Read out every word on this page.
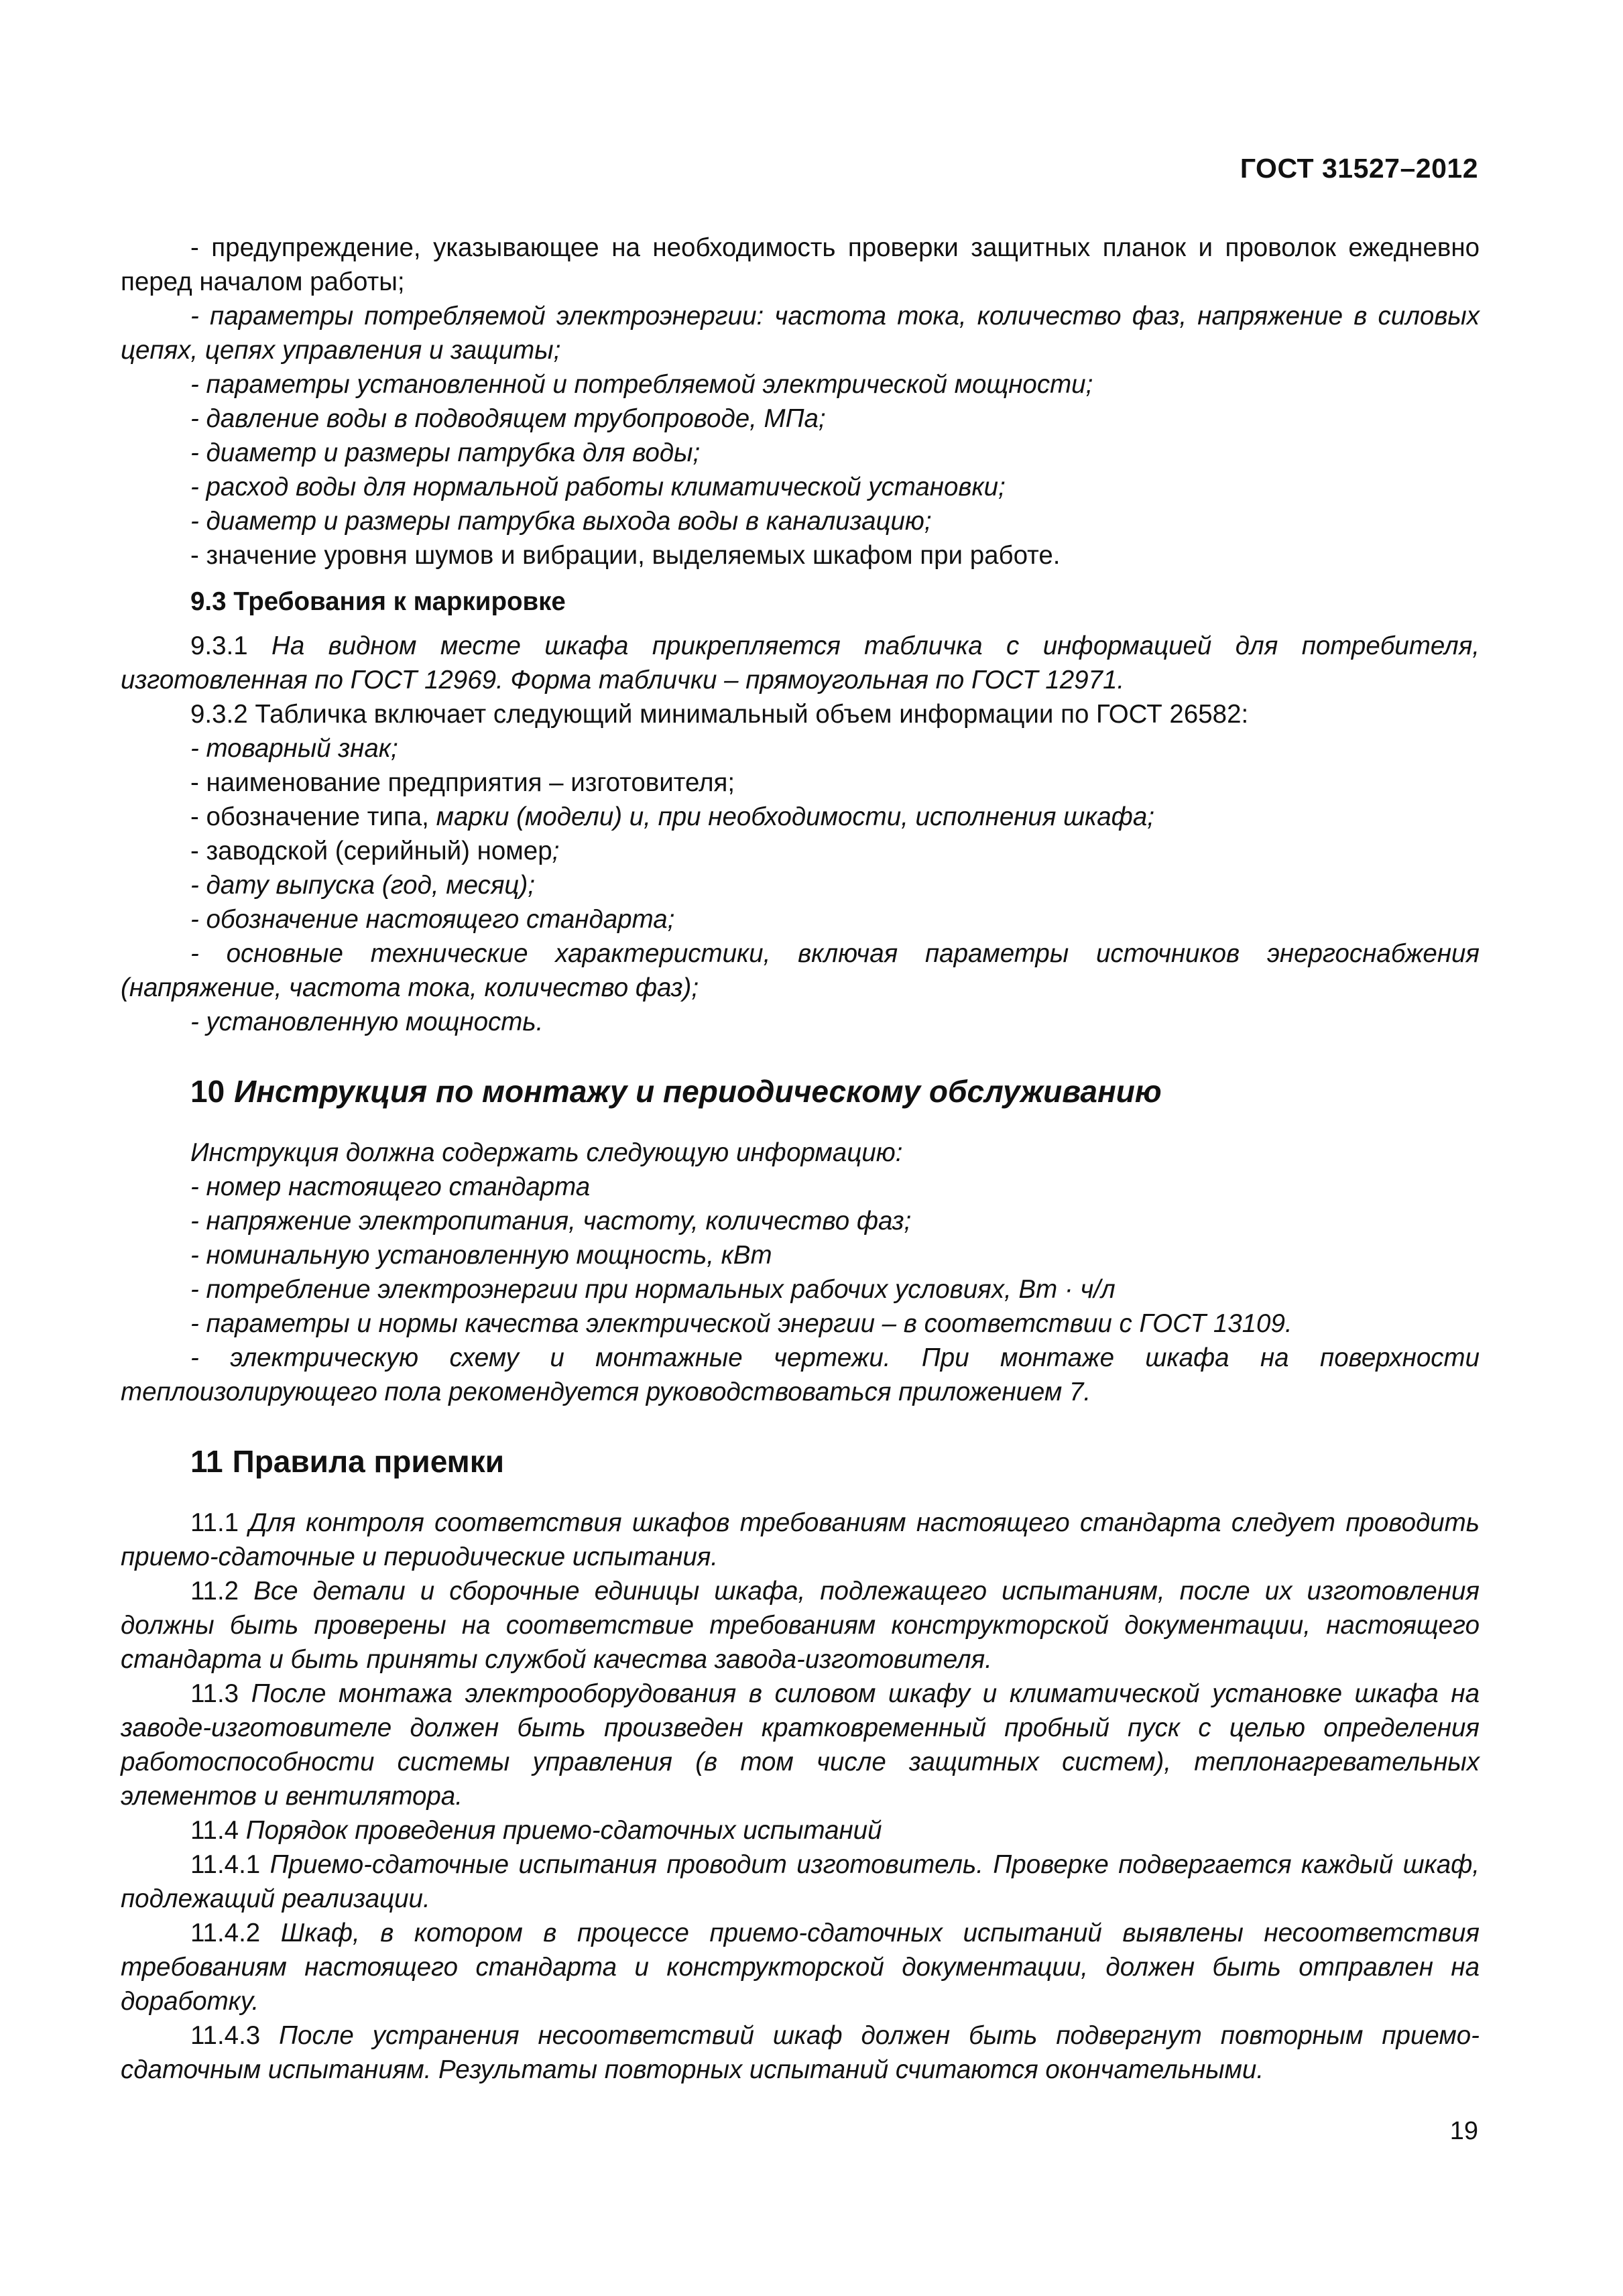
ГОСТ 31527–2012

- предупреждение, указывающее на необходимость проверки защитных планок и проволок ежедневно перед началом работы;

- параметры потребляемой электроэнергии: частота тока, количество фаз, напряжение в силовых цепях, цепях управления и защиты;

- параметры установленной и потребляемой электрической мощности;

- давление воды в подводящем трубопроводе, МПа;

- диаметр и размеры патрубка для воды;

- расход воды для нормальной работы климатической установки;

- диаметр и размеры патрубка выхода воды в канализацию;

- значение уровня шумов и вибрации, выделяемых шкафом при работе.

9.3 Требования к маркировке

9.3.1 На видном месте шкафа прикрепляется табличка с информацией для потребителя, изготовленная по ГОСТ 12969. Форма таблички – прямоугольная по ГОСТ 12971.

9.3.2 Табличка включает следующий минимальный объем информации по ГОСТ 26582:

- товарный знак;

- наименование предприятия – изготовителя;

- обозначение типа, марки (модели) и, при необходимости, исполнения шкафа;

- заводской (серийный) номер;

- дату выпуска (год, месяц);

- обозначение настоящего стандарта;

- основные технические характеристики, включая параметры источников энергоснабжения (напряжение, частота тока, количество фаз);

- установленную мощность.

10 Инструкция по монтажу и периодическому обслуживанию

Инструкция должна содержать следующую информацию:

- номер настоящего стандарта

- напряжение электропитания, частоту, количество фаз;

- номинальную установленную мощность, кВт

- потребление электроэнергии при нормальных рабочих условиях, Вт · ч/л

- параметры и нормы качества электрической энергии – в соответствии с ГОСТ 13109.

- электрическую схему и монтажные чертежи. При монтаже шкафа на поверхности теплоизолирующего пола рекомендуется руководствоваться приложением 7.

11 Правила приемки

11.1 Для контроля соответствия шкафов требованиям настоящего стандарта следует проводить приемо-сдаточные и периодические испытания.

11.2 Все детали и сборочные единицы шкафа, подлежащего испытаниям, после их изготовления должны быть проверены на соответствие требованиям конструкторской документации, настоящего стандарта и быть приняты службой качества завода-изготовителя.

11.3 После монтажа электрооборудования в силовом шкафу и климатической установке шкафа на заводе-изготовителе должен быть произведен кратковременный пробный пуск с целью определения работоспособности системы управления (в том числе защитных систем), теплонагревательных элементов и вентилятора.

11.4 Порядок проведения приемо-сдаточных испытаний

11.4.1 Приемо-сдаточные испытания проводит изготовитель. Проверке подвергается каждый шкаф, подлежащий реализации.

11.4.2 Шкаф, в котором в процессе приемо-сдаточных испытаний выявлены несоответствия требованиям настоящего стандарта и конструкторской документации, должен быть отправлен на доработку.

11.4.3 После устранения несоответствий шкаф должен быть подвергнут повторным приемо-сдаточным испытаниям. Результаты повторных испытаний считаются окончательными.

19
